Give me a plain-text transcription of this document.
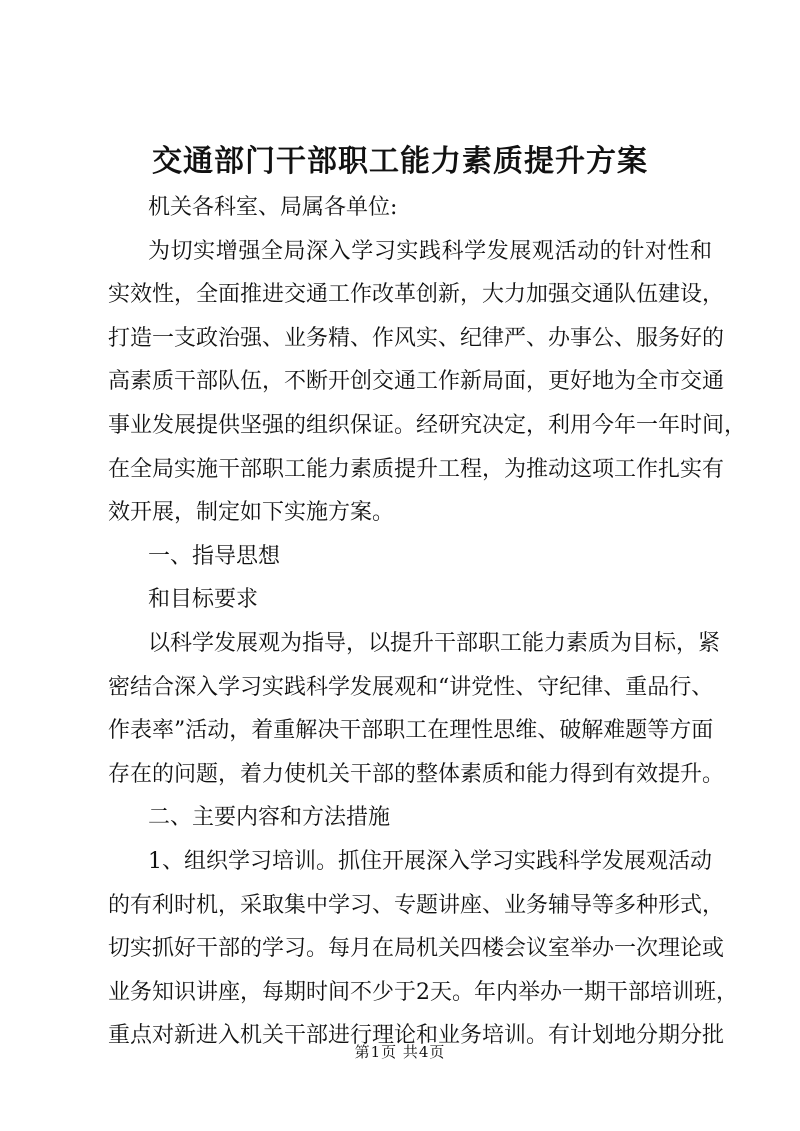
交通部门干部职工能力素质提升方案
机关各科室、局属各单位:
为切实增强全局深入学习实践科学发展观活动的针对性和
实效性，全面推进交通工作改革创新，大力加强交通队伍建设，
打造一支政治强、业务精、作风实、纪律严、办事公、服务好的
高素质干部队伍，不断开创交通工作新局面，更好地为全市交通
事业发展提供坚强的组织保证。经研究决定，利用今年一年时间，
在全局实施干部职工能力素质提升工程，为推动这项工作扎实有
效开展，制定如下实施方案。
一、指导思想
和目标要求
以科学发展观为指导，以提升干部职工能力素质为目标，紧
密结合深入学习实践科学发展观和“讲党性、守纪律、重品行、
作表率”活动，着重解决干部职工在理性思维、破解难题等方面
存在的问题，着力使机关干部的整体素质和能力得到有效提升。
二、主要内容和方法措施
1、组织学习培训。抓住开展深入学习实践科学发展观活动
的有利时机，采取集中学习、专题讲座、业务辅导等多种形式，
切实抓好干部的学习。每月在局机关四楼会议室举办一次理论或
业务知识讲座，每期时间不少于2天。年内举办一期干部培训班，
重点对新进入机关干部进行理论和业务培训。有计划地分期分批
第1页 共4页
